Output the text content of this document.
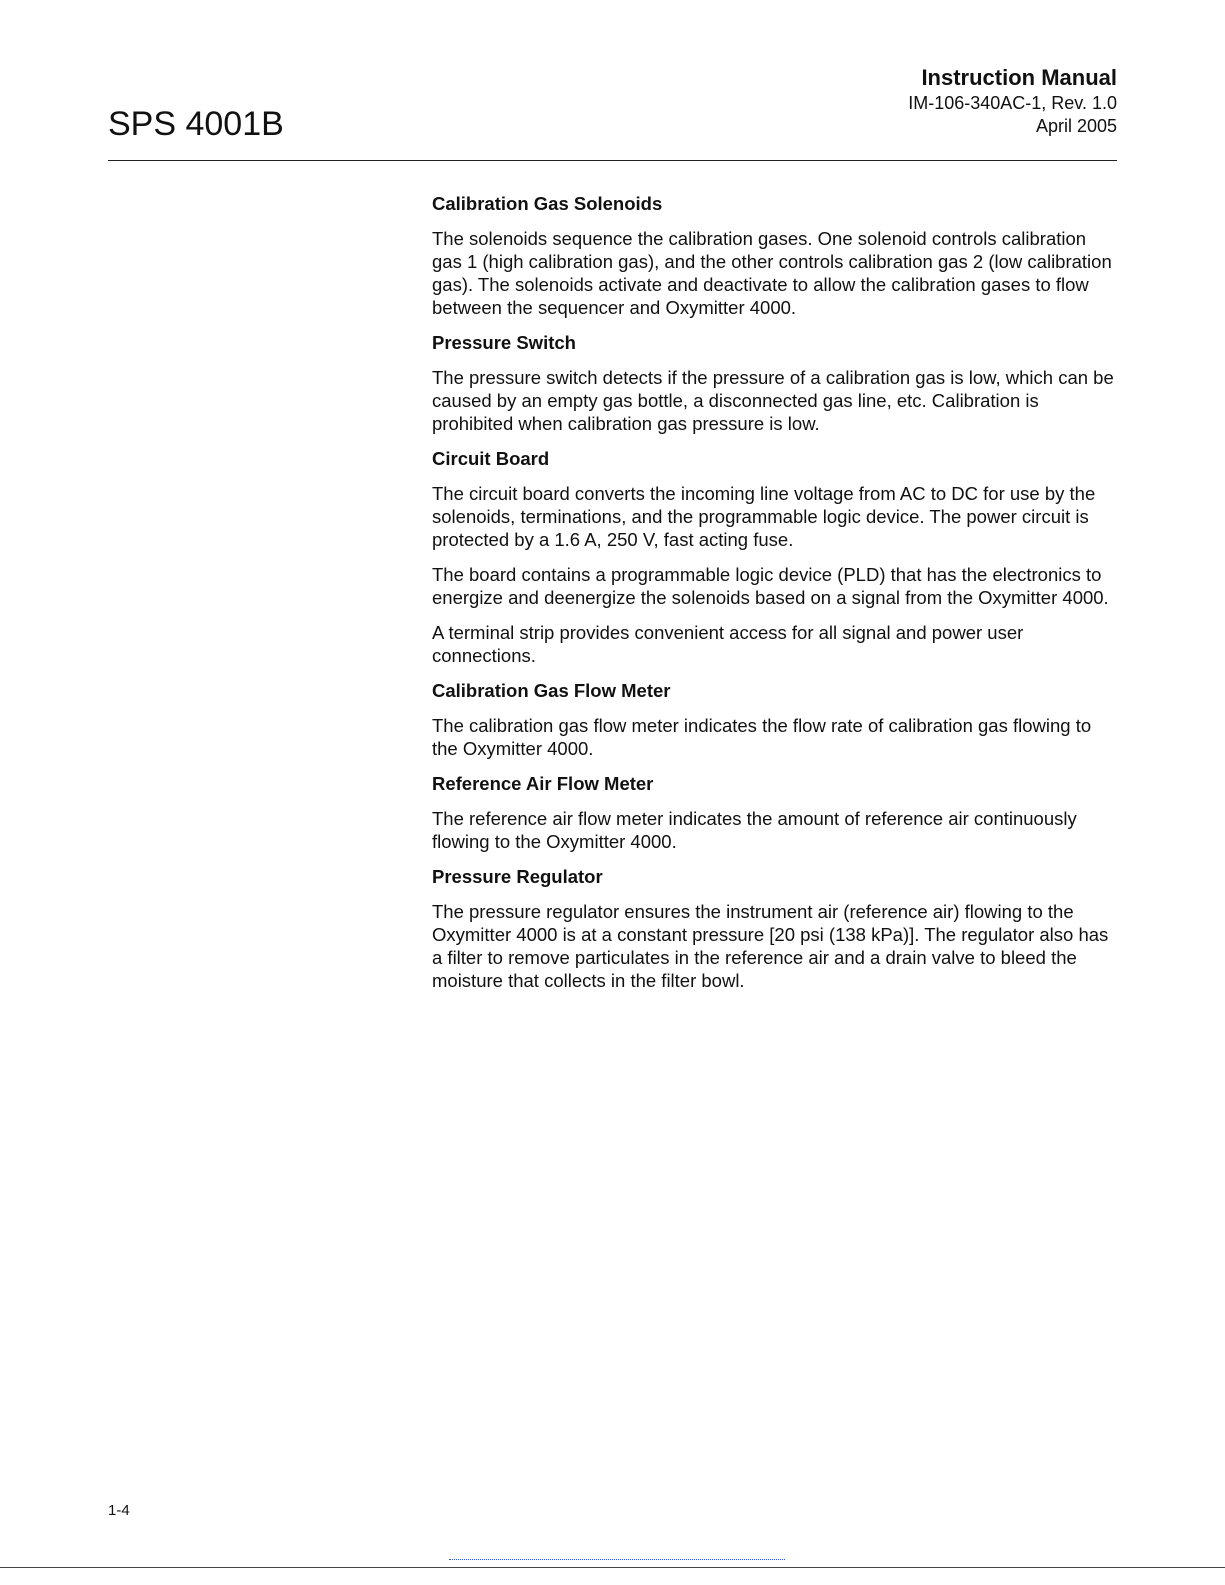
SPS 4001B
Instruction Manual
IM-106-340AC-1, Rev. 1.0
April 2005
Calibration Gas Solenoids

The solenoids sequence the calibration gases. One solenoid controls calibration gas 1 (high calibration gas), and the other controls calibration gas 2 (low calibration gas). The solenoids activate and deactivate to allow the calibration gases to flow between the sequencer and Oxymitter 4000.

Pressure Switch

The pressure switch detects if the pressure of a calibration gas is low, which can be caused by an empty gas bottle, a disconnected gas line, etc. Calibration is prohibited when calibration gas pressure is low.

Circuit Board

The circuit board converts the incoming line voltage from AC to DC for use by the solenoids, terminations, and the programmable logic device. The power circuit is protected by a 1.6 A, 250 V, fast acting fuse.

The board contains a programmable logic device (PLD) that has the electronics to energize and deenergize the solenoids based on a signal from the Oxymitter 4000.

A terminal strip provides convenient access for all signal and power user connections.

Calibration Gas Flow Meter

The calibration gas flow meter indicates the flow rate of calibration gas flowing to the Oxymitter 4000.

Reference Air Flow Meter

The reference air flow meter indicates the amount of reference air continuously flowing to the Oxymitter 4000.

Pressure Regulator

The pressure regulator ensures the instrument air (reference air) flowing to the Oxymitter 4000 is at a constant pressure [20 psi (138 kPa)]. The regulator also has a filter to remove particulates in the reference air and a drain valve to bleed the moisture that collects in the filter bowl.

1-4
